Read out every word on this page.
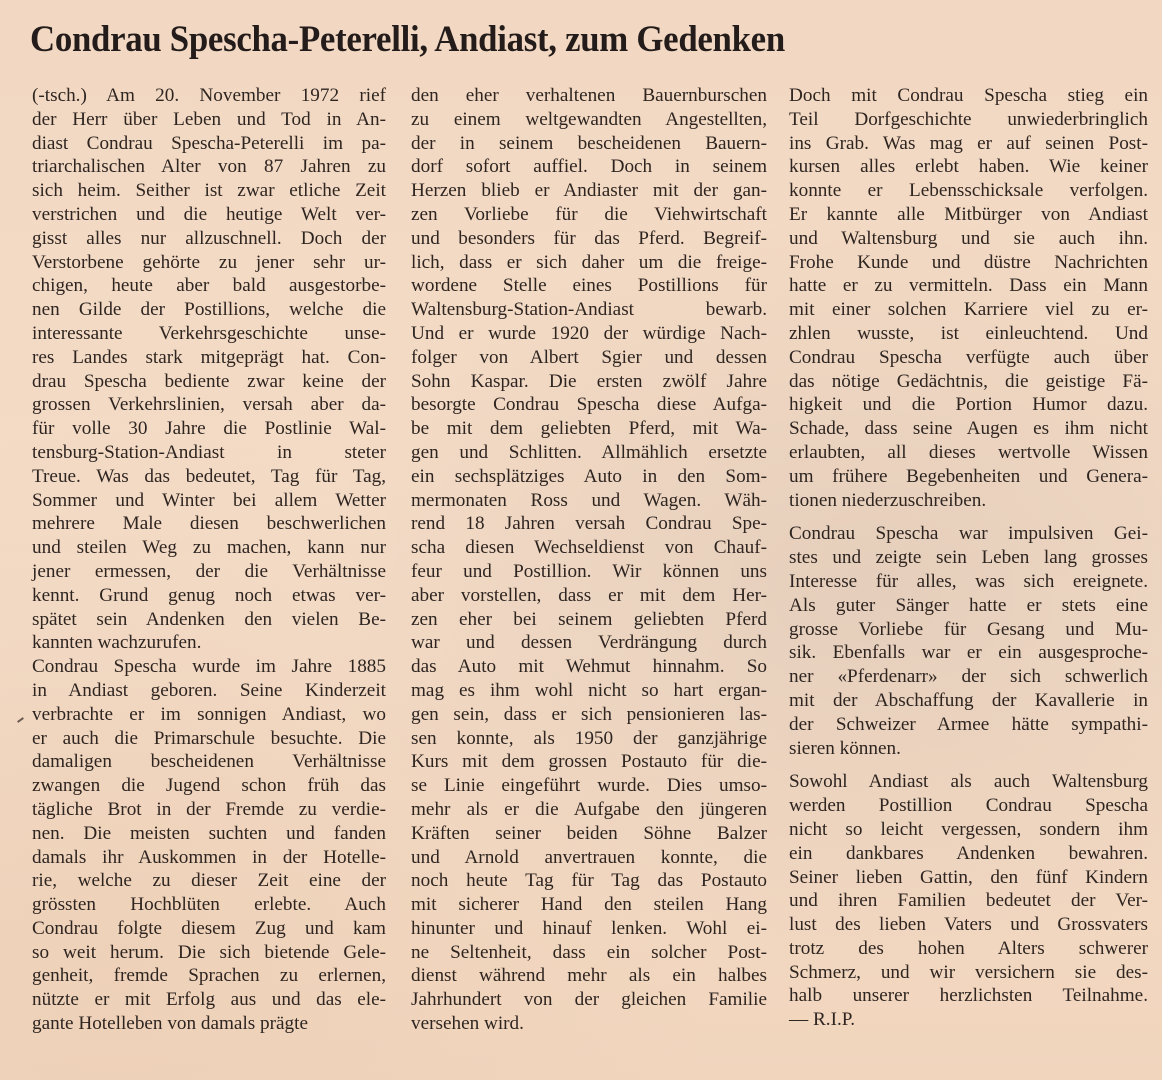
Condrau Spescha-Peterelli, Andiast, zum Gedenken
(-tsch.) Am 20. November 1972 rief
der Herr über Leben und Tod in An-
diast Condrau Spescha-Peterelli im pa-
triarchalischen Alter von 87 Jahren zu
sich heim. Seither ist zwar etliche Zeit
verstrichen und die heutige Welt ver-
gisst alles nur allzuschnell. Doch der
Verstorbene gehörte zu jener sehr ur-
chigen, heute aber bald ausgestorbe-
nen Gilde der Postillions, welche die
interessante Verkehrsgeschichte unse-
res Landes stark mitgeprägt hat. Con-
drau Spescha bediente zwar keine der
grossen Verkehrslinien, versah aber da-
für volle 30 Jahre die Postlinie Wal-
tensburg-Station-Andiast in steter
Treue. Was das bedeutet, Tag für Tag,
Sommer und Winter bei allem Wetter
mehrere Male diesen beschwerlichen
und steilen Weg zu machen, kann nur
jener ermessen, der die Verhältnisse
kennt. Grund genug noch etwas ver-
spätet sein Andenken den vielen Be-
kannten wachzurufen.
Condrau Spescha wurde im Jahre 1885
in Andiast geboren. Seine Kinderzeit
verbrachte er im sonnigen Andiast, wo
er auch die Primarschule besuchte. Die
damaligen bescheidenen Verhältnisse
zwangen die Jugend schon früh das
tägliche Brot in der Fremde zu verdie-
nen. Die meisten suchten und fanden
damals ihr Auskommen in der Hotelle-
rie, welche zu dieser Zeit eine der
grössten Hochblüten erlebte. Auch
Condrau folgte diesem Zug und kam
so weit herum. Die sich bietende Gele-
genheit, fremde Sprachen zu erlernen,
nützte er mit Erfolg aus und das ele-
gante Hotelleben von damals prägte
den eher verhaltenen Bauernburschen
zu einem weltgewandten Angestellten,
der in seinem bescheidenen Bauern-
dorf sofort auffiel. Doch in seinem
Herzen blieb er Andiaster mit der gan-
zen Vorliebe für die Viehwirtschaft
und besonders für das Pferd. Begreif-
lich, dass er sich daher um die freige-
wordene Stelle eines Postillions für
Waltensburg-Station-Andiast bewarb.
Und er wurde 1920 der würdige Nach-
folger von Albert Sgier und dessen
Sohn Kaspar. Die ersten zwölf Jahre
besorgte Condrau Spescha diese Aufga-
be mit dem geliebten Pferd, mit Wa-
gen und Schlitten. Allmählich ersetzte
ein sechsplätziges Auto in den Som-
mermonaten Ross und Wagen. Wäh-
rend 18 Jahren versah Condrau Spe-
scha diesen Wechseldienst von Chauf-
feur und Postillion. Wir können uns
aber vorstellen, dass er mit dem Her-
zen eher bei seinem geliebten Pferd
war und dessen Verdrängung durch
das Auto mit Wehmut hinnahm. So
mag es ihm wohl nicht so hart ergan-
gen sein, dass er sich pensionieren las-
sen konnte, als 1950 der ganzjährige
Kurs mit dem grossen Postauto für die-
se Linie eingeführt wurde. Dies umso-
mehr als er die Aufgabe den jüngeren
Kräften seiner beiden Söhne Balzer
und Arnold anvertrauen konnte, die
noch heute Tag für Tag das Postauto
mit sicherer Hand den steilen Hang
hinunter und hinauf lenken. Wohl ei-
ne Seltenheit, dass ein solcher Post-
dienst während mehr als ein halbes
Jahrhundert von der gleichen Familie
versehen wird.
Doch mit Condrau Spescha stieg ein
Teil Dorfgeschichte unwiederbringlich
ins Grab. Was mag er auf seinen Post-
kursen alles erlebt haben. Wie keiner
konnte er Lebensschicksale verfolgen.
Er kannte alle Mitbürger von Andiast
und Waltensburg und sie auch ihn.
Frohe Kunde und düstre Nachrichten
hatte er zu vermitteln. Dass ein Mann
mit einer solchen Karriere viel zu er-
zhlen wusste, ist einleuchtend. Und
Condrau Spescha verfügte auch über
das nötige Gedächtnis, die geistige Fä-
higkeit und die Portion Humor dazu.
Schade, dass seine Augen es ihm nicht
erlaubten, all dieses wertvolle Wissen
um frühere Begebenheiten und Genera-
tionen niederzuschreiben.
Condrau Spescha war impulsiven Gei-
stes und zeigte sein Leben lang grosses
Interesse für alles, was sich ereignete.
Als guter Sänger hatte er stets eine
grosse Vorliebe für Gesang und Mu-
sik. Ebenfalls war er ein ausgesproche-
ner «Pferdenarr» der sich schwerlich
mit der Abschaffung der Kavallerie in
der Schweizer Armee hätte sympathi-
sieren können.
Sowohl Andiast als auch Waltensburg
werden Postillion Condrau Spescha
nicht so leicht vergessen, sondern ihm
ein dankbares Andenken bewahren.
Seiner lieben Gattin, den fünf Kindern
und ihren Familien bedeutet der Ver-
lust des lieben Vaters und Grossvaters
trotz des hohen Alters schwerer
Schmerz, und wir versichern sie des-
halb unserer herzlichsten Teilnahme.
— R.I.P.
